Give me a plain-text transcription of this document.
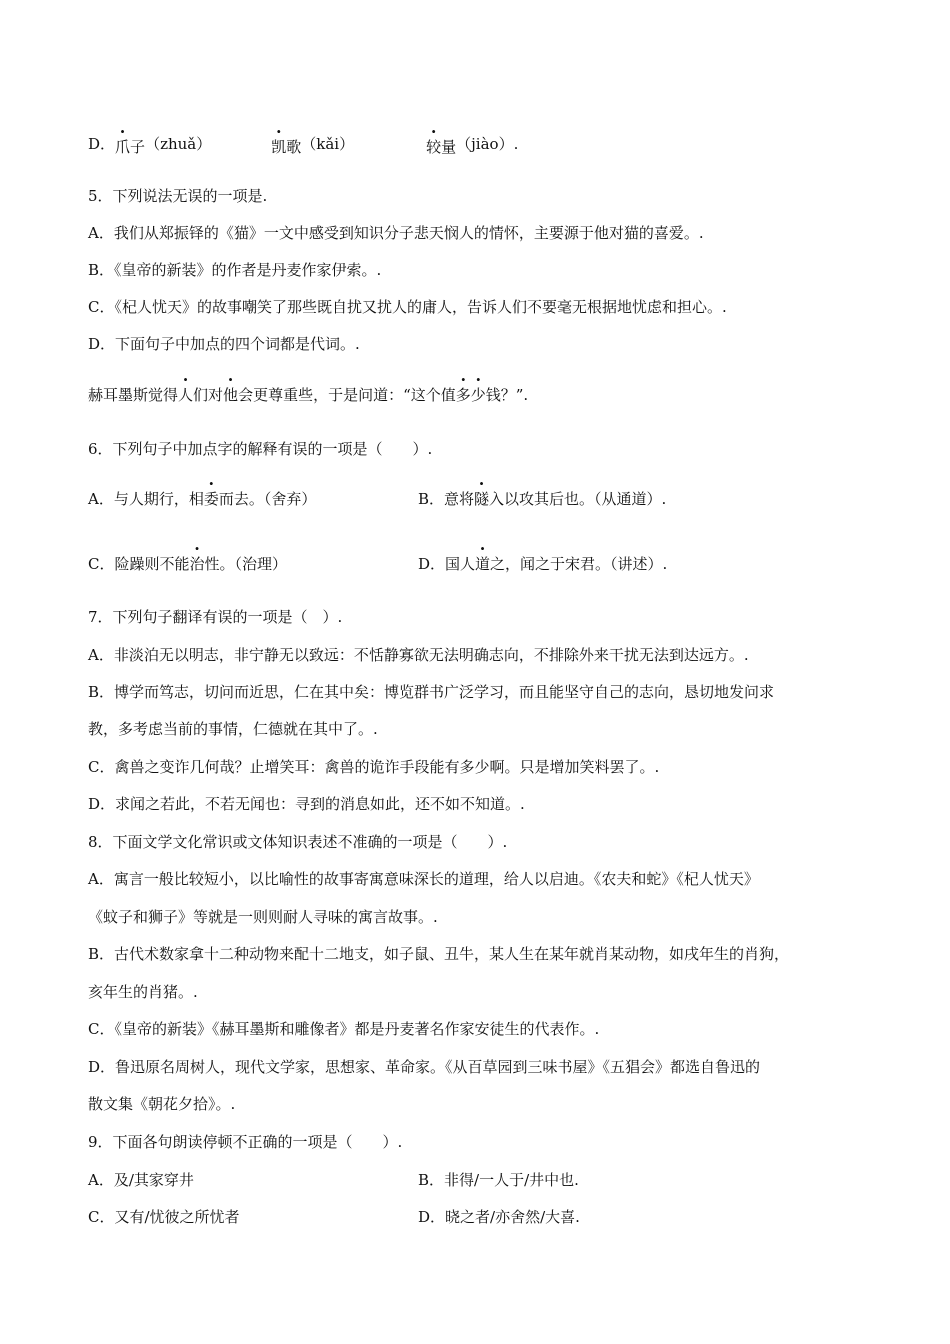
D．爪子（zhuǎ）	凯歌（kǎi）	较量（jiào）.
5．下列说法无误的一项是.
A．我们从郑振铎的《猫》一文中感受到知识分子悲天悯人的情怀，主要源于他对猫的喜爱。.
B．《皇帝的新装》的作者是丹麦作家伊索。.
C．《杞人忧天》的故事嘲笑了那些既自扰又扰人的庸人，告诉人们不要毫无根据地忧虑和担心。.
D．下面句子中加点的四个词都是代词。.
赫耳墨斯觉得人们对他会更尊重些，于是问道：“这个值多少钱？”.
6．下列句子中加点字的解释有误的一项是（　　）.
A．与人期行，相委而去。（舍弃）	B．意将隧入以攻其后也。（从通道）.
C．险躁则不能治性。（治理）	D．国人道之，闻之于宋君。（讲述）.
7．下列句子翻译有误的一项是（　）.
A．非淡泊无以明志，非宁静无以致远：不恬静寡欲无法明确志向，不排除外来干扰无法到达远方。.
B．博学而笃志，切问而近思，仁在其中矣：博览群书广泛学习，而且能坚守自己的志向，恳切地发问求
教，多考虑当前的事情，仁德就在其中了。.
C．禽兽之变诈几何哉？止增笑耳：禽兽的诡诈手段能有多少啊。只是增加笑料罢了。.
D．求闻之若此，不若无闻也：寻到的消息如此，还不如不知道。.
8．下面文学文化常识或文体知识表述不准确的一项是（　　）.
A．寓言一般比较短小，以比喻性的故事寄寓意味深长的道理，给人以启迪。《农夫和蛇》《杞人忧天》
《蚊子和狮子》等就是一则则耐人寻味的寓言故事。.
B．古代术数家拿十二种动物来配十二地支，如子鼠、丑牛，某人生在某年就肖某动物，如戌年生的肖狗，
亥年生的肖猪。.
C．《皇帝的新装》《赫耳墨斯和雕像者》都是丹麦著名作家安徒生的代表作。.
D．鲁迅原名周树人，现代文学家，思想家、革命家。《从百草园到三味书屋》《五猖会》都选自鲁迅的
散文集《朝花夕拾》。.
9．下面各句朗读停顿不正确的一项是（　　）.
A．及/其家穿井	B．非得/一人于/井中也.
C．又有/忧彼之所忧者	D．晓之者/亦舍然/大喜.
